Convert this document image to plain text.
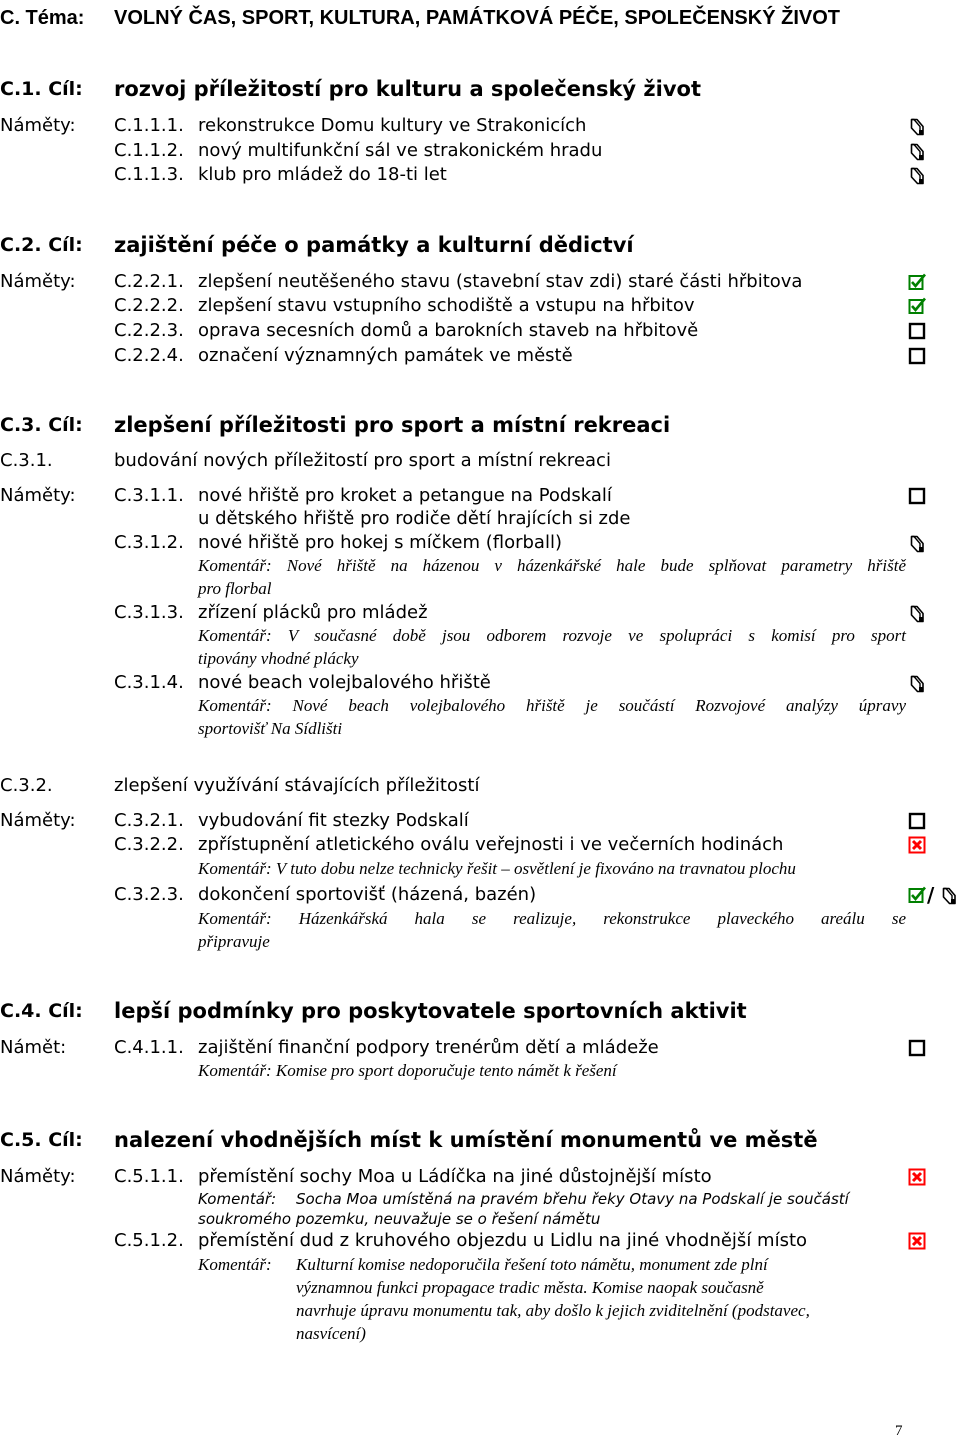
C. Téma: VOLNÝ ČAS, SPORT, KULTURA, PAMÁTKOVÁ PÉČE, SPOLEČENSKÝ ŽIVOT
C.1. Cíl: rozvoj příležitostí pro kulturu a společenský život
Náměty: C.1.1.1. rekonstrukce Domu kultury ve Strakonicích
C.1.1.2. nový multifunkční sál ve strakonickém hradu
C.1.1.3. klub pro mládež do 18-ti let
C.2. Cíl: zajištění péče o památky a kulturní dědictví
Náměty: C.2.2.1. zlepšení neutěšeného stavu (stavební stav zdi) staré části hřbitova
C.2.2.2. zlepšení stavu vstupního schodiště a vstupu na hřbitov
C.2.2.3. oprava secesních domů a barokních staveb na hřbitově
C.2.2.4. označení významných památek ve městě
C.3. Cíl: zlepšení příležitosti pro sport a místní rekreaci
C.3.1.	budování nových příležitostí pro sport a místní rekreaci
Náměty: C.3.1.1. nové hřiště pro kroket a petangue na Podskalí
u dětského hřiště pro rodiče dětí hrajících si zde
C.3.1.2. nové hřiště pro hokej s míčkem (florball)
Komentář: Nové hřiště na házenou v házenkářské hale bude splňovat parametry hřiště
pro florbal
C.3.1.3. zřízení plácků pro mládež
Komentář: V současné době jsou odborem rozvoje ve spolupráci s komisí pro sport
tipovány vhodné plácky
C.3.1.4. nové beach volejbalového hřiště
Komentář: Nové beach volejbalového hřiště je součástí Rozvojové analýzy úpravy
sportovišť Na Sídlišti
C.3.2.	zlepšení využívání stávajících příležitostí
Náměty: C.3.2.1. vybudování fit stezky Podskalí
C.3.2.2. zpřístupnění atletického oválu veřejnosti i ve večerních hodinách
Komentář: V tuto dobu nelze technicky řešit – osvětlení je fixováno na travnatou plochu
C.3.2.3. dokončení sportovišť (házená, bazén)	/
Komentář: Házenkářská hala se realizuje, rekonstrukce plaveckého areálu se
připravuje
C.4. Cíl: lepší podmínky pro poskytovatele sportovních aktivit
Námět:	C.4.1.1. zajištění finanční podpory trenérům dětí a mládeže
Komentář: Komise pro sport doporučuje tento námět k řešení
C.5. Cíl: nalezení vhodnějších míst k umístění monumentů ve městě
Náměty: C.5.1.1. přemístění sochy Moa u Ládíčka na jiné důstojnější místo
Komentář: Socha Moa umístěná na pravém břehu řeky Otavy na Podskalí je součástí
soukromého pozemku, neuvažuje se o řešení námětu
C.5.1.2. přemístění dud z kruhového objezdu u Lidlu na jiné vhodnější místo
Komentář: Kulturní komise nedoporučila řešení toto námětu, monument zde plní
významnou funkci propagace tradic města. Komise naopak současně
navrhuje úpravu monumentu tak, aby došlo k jejich zviditelnění (podstavec,
nasvícení)
7
